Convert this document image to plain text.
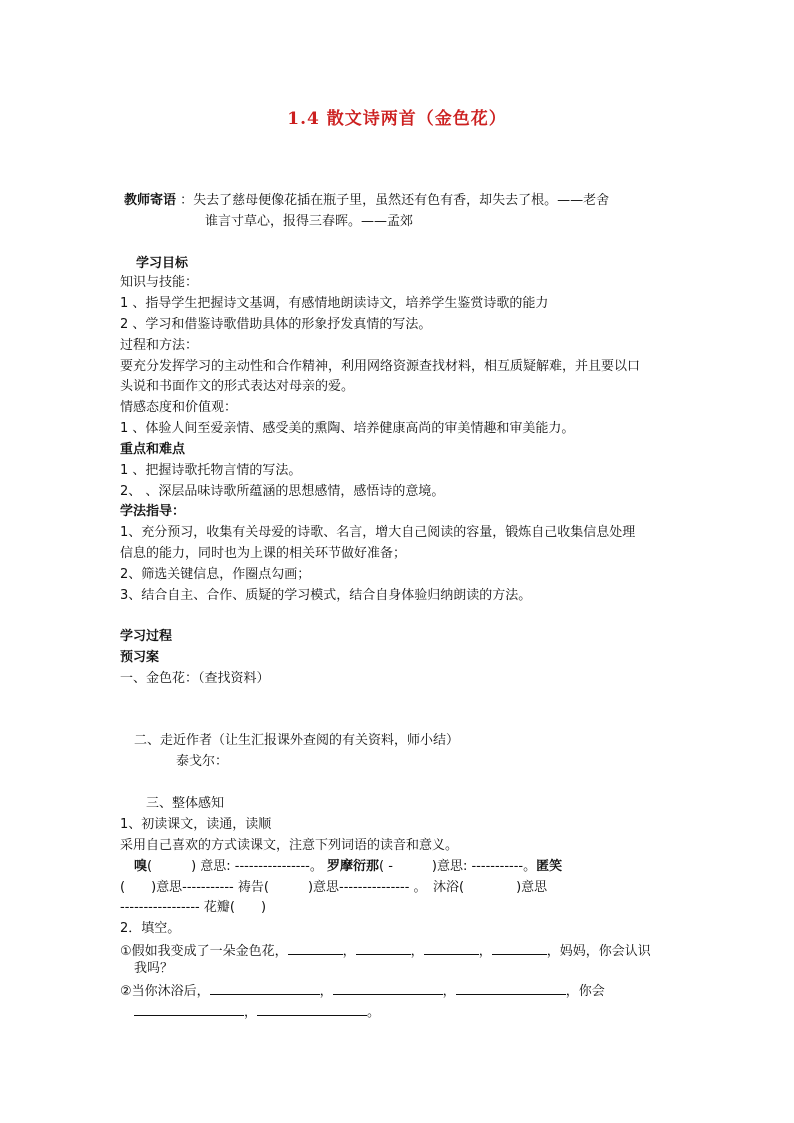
1.4 散文诗两首（金色花）
教师寄语 ：失去了慈母便像花插在瓶子里，虽然还有色有香，却失去了根。——老舍
谁言寸草心，报得三春晖。——孟郊
学习目标
知识与技能：
1 、指导学生把握诗文基调，有感情地朗读诗文，培养学生鉴赏诗歌的能力
2 、学习和借鉴诗歌借助具体的形象抒发真情的写法。
过程和方法：
要充分发挥学习的主动性和合作精神，利用网络资源查找材料，相互质疑解难，并且要以口
头说和书面作文的形式表达对母亲的爱。
情感态度和价值观：
1 、体验人间至爱亲情、感受美的熏陶、培养健康高尚的审美情趣和审美能力。
重点和难点
1 、把握诗歌托物言情的写法。
2、 、深层品味诗歌所蕴涵的思想感情，感悟诗的意境。
学法指导：
1、充分预习，收集有关母爱的诗歌、名言，增大自己阅读的容量，锻炼自己收集信息处理
信息的能力，同时也为上课的相关环节做好准备；
2、筛选关键信息，作圈点勾画；
3、结合自主、合作、质疑的学习模式，结合自身体验归纳朗读的方法。
学习过程
预习案
一、金色花：（查找资料）
二、走近作者（让生汇报课外查阅的有关资料，师小结）
泰戈尔：
三、整体感知
1、初读课文，读通，读顺
采用自己喜欢的方式读课文，注意下列词语的读音和意义。
嗅(　　　) 意思: ----------------。 罗摩衍那( -　　　)意思: -----------。匿笑
(　　)意思----------- 祷告(　　　)意思--------------- 。　沐浴(　　　　)意思
----------------- 花瓣(　　)
2．填空。
①假如我变成了一朵金色花，	，	，	，	，妈妈，你会认识
我吗？
②当你沐浴后，	，	，	，你会
，	。
